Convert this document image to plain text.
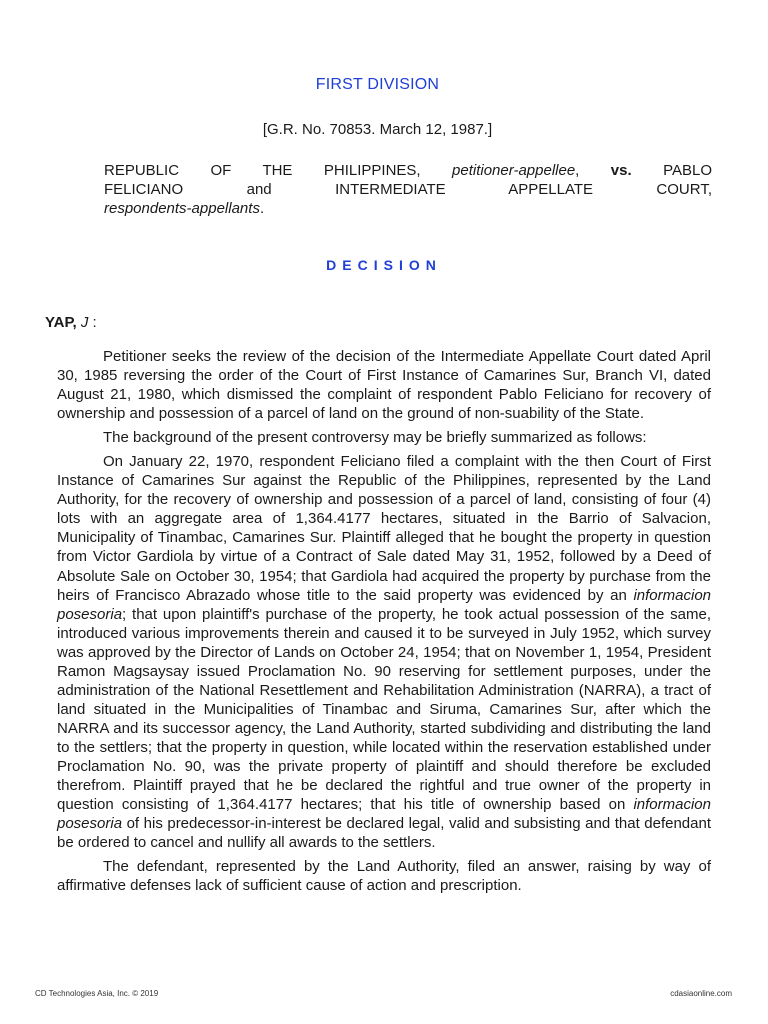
FIRST DIVISION
[G.R. No. 70853. March 12, 1987.]
REPUBLIC OF THE PHILIPPINES, petitioner-appellee, vs. PABLO
FELICIANO and INTERMEDIATE APPELLATE COURT,
respondents-appellants.
DECISION
YAP, J :

Petitioner seeks the review of the decision of the Intermediate Appellate Court dated April 30, 1985 reversing the order of the Court of First Instance of Camarines Sur, Branch VI, dated August 21, 1980, which dismissed the complaint of respondent Pablo Feliciano for recovery of ownership and possession of a parcel of land on the ground of non-suability of the State.

The background of the present controversy may be briefly summarized as follows:

On January 22, 1970, respondent Feliciano filed a complaint with the then Court of First Instance of Camarines Sur against the Republic of the Philippines, represented by the Land Authority, for the recovery of ownership and possession of a parcel of land, consisting of four (4) lots with an aggregate area of 1,364.4177 hectares, situated in the Barrio of Salvacion, Municipality of Tinambac, Camarines Sur. Plaintiff alleged that he bought the property in question from Victor Gardiola by virtue of a Contract of Sale dated May 31, 1952, followed by a Deed of Absolute Sale on October 30, 1954; that Gardiola had acquired the property by purchase from the heirs of Francisco Abrazado whose title to the said property was evidenced by an informacion posesoria; that upon plaintiff's purchase of the property, he took actual possession of the same, introduced various improvements therein and caused it to be surveyed in July 1952, which survey was approved by the Director of Lands on October 24, 1954; that on November 1, 1954, President Ramon Magsaysay issued Proclamation No. 90 reserving for settlement purposes, under the administration of the National Resettlement and Rehabilitation Administration (NARRA), a tract of land situated in the Municipalities of Tinambac and Siruma, Camarines Sur, after which the NARRA and its successor agency, the Land Authority, started subdividing and distributing the land to the settlers; that the property in question, while located within the reservation established under Proclamation No. 90, was the private property of plaintiff and should therefore be excluded therefrom. Plaintiff prayed that he be declared the rightful and true owner of the property in question consisting of 1,364.4177 hectares; that his title of ownership based on informacion posesoria of his predecessor-in-interest be declared legal, valid and subsisting and that defendant be ordered to cancel and nullify all awards to the settlers.

The defendant, represented by the Land Authority, filed an answer, raising by way of affirmative defenses lack of sufficient cause of action and prescription.

CD Technologies Asia, Inc. © 2019	cdasiaonline.com
